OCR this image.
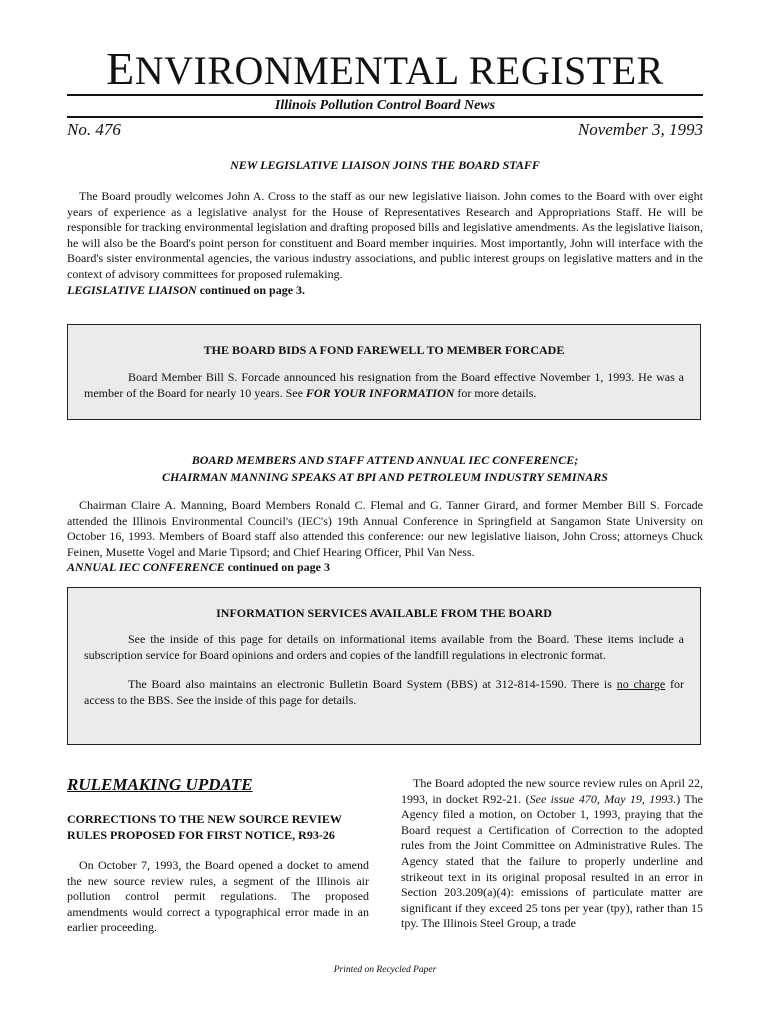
ENVIRONMENTAL REGISTER
Illinois Pollution Control Board News
No. 476	November 3, 1993
NEW LEGISLATIVE LIAISON JOINS THE BOARD STAFF

The Board proudly welcomes John A. Cross to the staff as our new legislative liaison. John comes to the Board with over eight years of experience as a legislative analyst for the House of Representatives Research and Appropriations Staff. He will be responsible for tracking environmental legislation and drafting proposed bills and legislative amendments. As the legislative liaison, he will also be the Board's point person for constituent and Board member inquiries. Most importantly, John will interface with the Board's sister environmental agencies, the various industry associations, and public interest groups on legislative matters and in the context of advisory committees for proposed rulemaking.

LEGISLATIVE LIAISON continued on page 3.
THE BOARD BIDS A FOND FAREWELL TO MEMBER FORCADE

Board Member Bill S. Forcade announced his resignation from the Board effective November 1, 1993. He was a member of the Board for nearly 10 years. See FOR YOUR INFORMATION for more details.

BOARD MEMBERS AND STAFF ATTEND ANNUAL IEC CONFERENCE;
CHAIRMAN MANNING SPEAKS AT BPI AND PETROLEUM INDUSTRY SEMINARS

Chairman Claire A. Manning, Board Members Ronald C. Flemal and G. Tanner Girard, and former Member Bill S. Forcade attended the Illinois Environmental Council's (IEC's) 19th Annual Conference in Springfield at Sangamon State University on October 16, 1993. Members of Board staff also attended this conference: our new legislative liaison, John Cross; attorneys Chuck Feinen, Musette Vogel and Marie Tipsord; and Chief Hearing Officer, Phil Van Ness.

ANNUAL IEC CONFERENCE continued on page 3
INFORMATION SERVICES AVAILABLE FROM THE BOARD

See the inside of this page for details on informational items available from the Board. These items include a subscription service for Board opinions and orders and copies of the landfill regulations in electronic format.

The Board also maintains an electronic Bulletin Board System (BBS) at 312-814-1590. There is no charge for access to the BBS. See the inside of this page for details.

RULEMAKING UPDATE
CORRECTIONS TO THE NEW SOURCE REVIEW RULES PROPOSED FOR FIRST NOTICE, R93-26

On October 7, 1993, the Board opened a docket to amend the new source review rules, a segment of the Illinois air pollution control permit regulations. The proposed amendments would correct a typographical error made in an earlier proceeding.

The Board adopted the new source review rules on April 22, 1993, in docket R92-21. (See issue 470, May 19, 1993.) The Agency filed a motion, on October 1, 1993, praying that the Board request a Certification of Correction to the adopted rules from the Joint Committee on Administrative Rules. The Agency stated that the failure to properly underline and strikeout text in its original proposal resulted in an error in Section 203.209(a)(4): emissions of particulate matter are significant if they exceed 25 tons per year (tpy), rather than 15 tpy. The Illinois Steel Group, a trade

Printed on Recycled Paper
